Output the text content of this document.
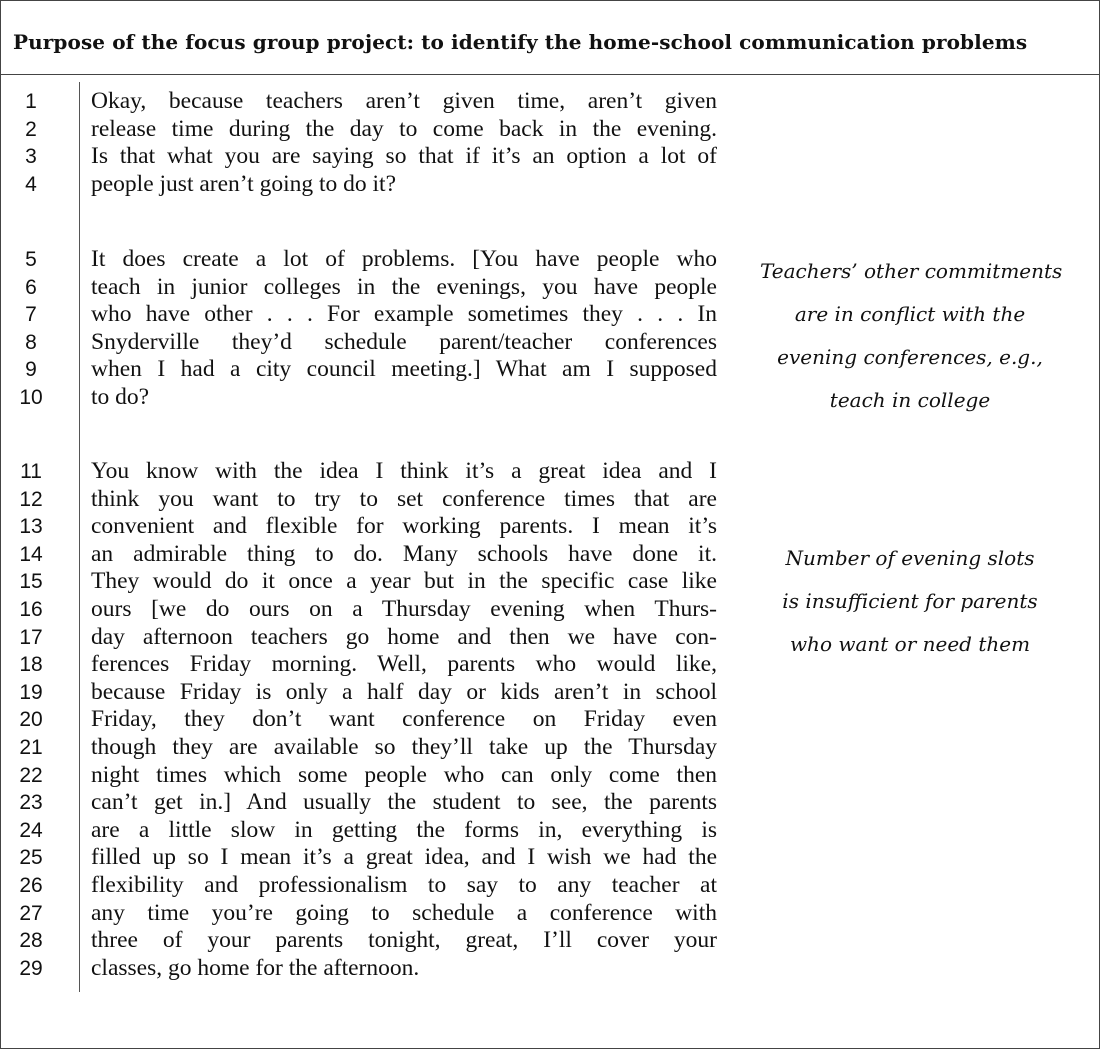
Purpose of the focus group project: to identify the home-school communication problems
1
2
3
4
Okay, because teachers aren’t given time, aren’t given
release time during the day to come back in the evening.
Is that what you are saying so that if it’s an option a lot of
people just aren’t going to do it?
5
6
7
8
9
10
It does create a lot of problems. [You have people who
teach in junior colleges in the evenings, you have people
who have other . . . For example sometimes they . . . In
Snyderville they’d schedule parent/teacher conferences
when I had a city council meeting.] What am I supposed
to do?
11
12
13
14
15
16
17
18
19
20
21
22
23
24
25
26
27
28
29
You know with the idea I think it’s a great idea and I
think you want to try to set conference times that are
convenient and flexible for working parents. I mean it’s
an admirable thing to do. Many schools have done it.
They would do it once a year but in the specific case like
ours [we do ours on a Thursday evening when Thurs-
day afternoon teachers go home and then we have con-
ferences Friday morning. Well, parents who would like,
because Friday is only a half day or kids aren’t in school
Friday, they don’t want conference on Friday even
though they are available so they’ll take up the Thursday
night times which some people who can only come then
can’t get in.] And usually the student to see, the parents
are a little slow in getting the forms in, everything is
filled up so I mean it’s a great idea, and I wish we had the
flexibility and professionalism to say to any teacher at
any time you’re going to schedule a conference with
three of your parents tonight, great, I’ll cover your
classes, go home for the afternoon.
Teachers’ other commitments
are in conflict with the
evening conferences, e.g.,
teach in college
Number of evening slots
is insufficient for parents
who want or need them
